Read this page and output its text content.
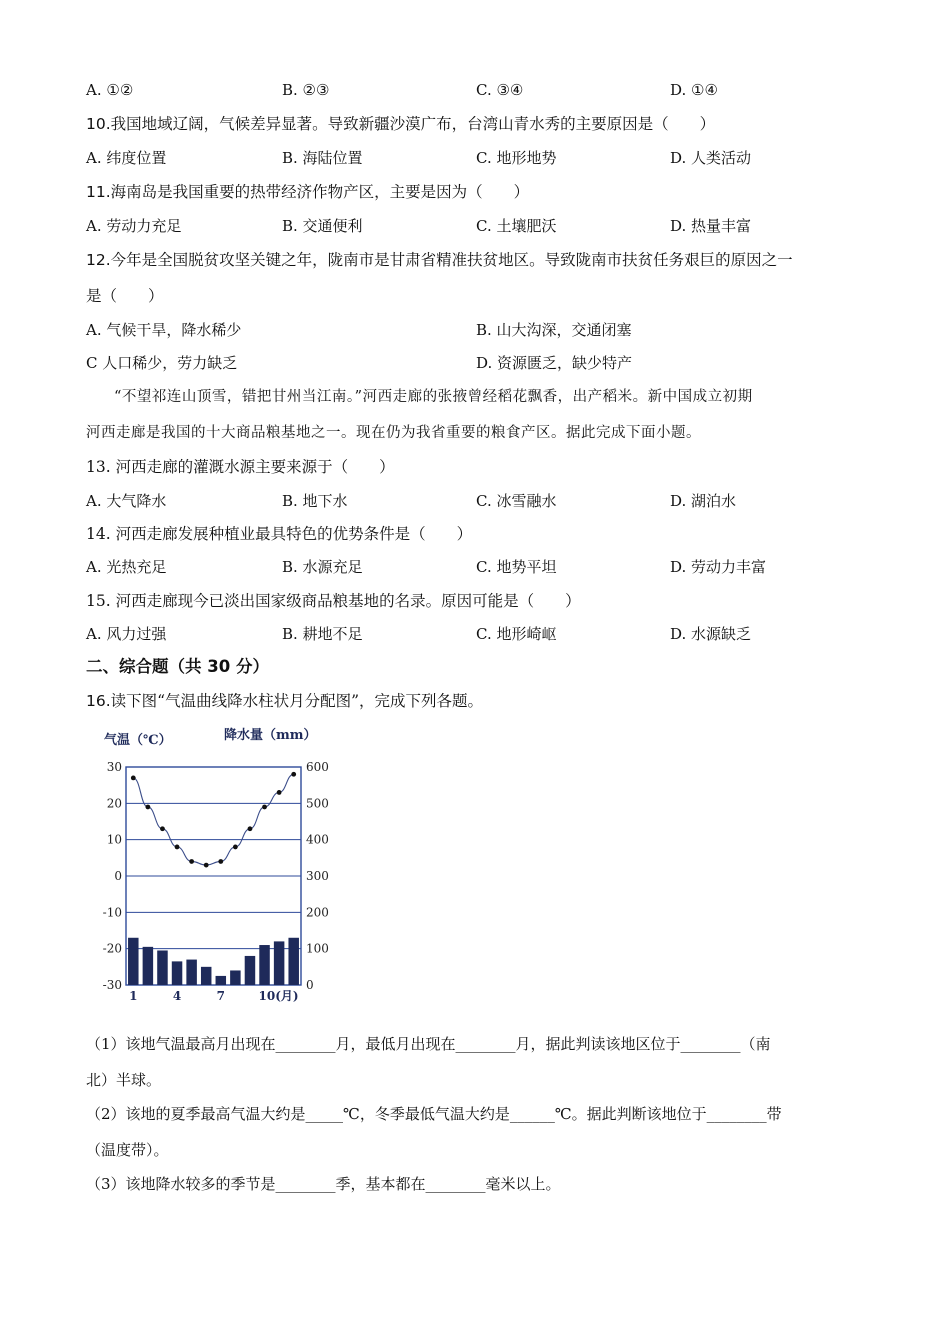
A. ①②	B. ②③	C. ③④	D. ①④
10.我国地域辽阔，气候差异显著。导致新疆沙漠广布，台湾山青水秀的主要原因是（　　）
A. 纬度位置	B. 海陆位置	C. 地形地势	D. 人类活动
11.海南岛是我国重要的热带经济作物产区，主要是因为（　　）
A. 劳动力充足	B. 交通便利	C. 土壤肥沃	D. 热量丰富
12.今年是全国脱贫攻坚关键之年，陇南市是甘肃省精准扶贫地区。导致陇南市扶贫任务艰巨的原因之一
是（　　）
A. 气候干旱，降水稀少	B. 山大沟深，交通闭塞
C 人口稀少，劳力缺乏	D. 资源匮乏，缺少特产
“不望祁连山顶雪，错把甘州当江南。”河西走廊的张掖曾经稻花飘香，出产稻米。新中国成立初期
河西走廊是我国的十大商品粮基地之一。现在仍为我省重要的粮食产区。据此完成下面小题。
13. 河西走廊的灌溉水源主要来源于（　　）
A. 大气降水	B. 地下水	C. 冰雪融水	D. 湖泊水
14. 河西走廊发展种植业最具特色的优势条件是（　　）
A. 光热充足	B. 水源充足	C. 地势平坦	D. 劳动力丰富
15. 河西走廊现今已淡出国家级商品粮基地的名录。原因可能是（　　）
A. 风力过强	B. 耕地不足	C. 地形崎岖	D. 水源缺乏
二、综合题（共 30 分）
16.读下图“气温曲线降水柱状月分配图”，完成下列各题。
气温（℃）	降水量（mm）
30
20
10
0
-10
-20
-30
600
500
400
300
200
100
0
1	4	7	10(月)
（1）该地气温最高月出现在________月，最低月出现在________月，据此判读该地区位于________（南
北）半球。
（2）该地的夏季最高气温大约是_____℃，冬季最低气温大约是______℃。据此判断该地位于________带
（温度带）。
（3）该地降水较多的季节是________季，基本都在________毫米以上。
